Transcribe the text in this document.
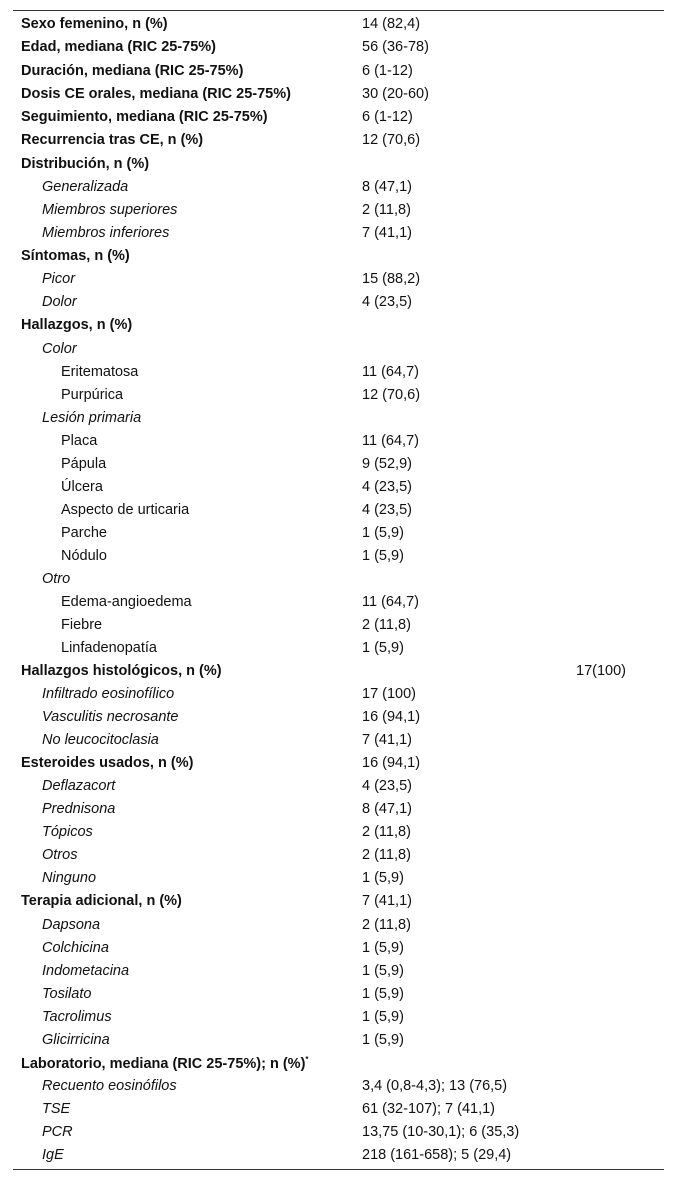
Sexo femenino, n (%)	14 (82,4)
Edad, mediana (RIC 25-75%)	56 (36-78)
Duración, mediana (RIC 25-75%)	6 (1-12)
Dosis CE orales, mediana (RIC 25-75%)	30 (20-60)
Seguimiento, mediana (RIC 25-75%)	6 (1-12)
Recurrencia tras CE, n (%)	12 (70,6)
Distribución, n (%)
Generalizada	8 (47,1)
Miembros superiores	2 (11,8)
Miembros inferiores	7 (41,1)
Síntomas, n (%)
Picor	15 (88,2)
Dolor	4 (23,5)
Hallazgos, n (%)
Color
Eritematosa	11 (64,7)
Purpúrica	12 (70,6)
Lesión primaria
Placa	11 (64,7)
Pápula	9 (52,9)
Úlcera	4 (23,5)
Aspecto de urticaria	4 (23,5)
Parche	1 (5,9)
Nódulo	1 (5,9)
Otro
Edema-angioedema	11 (64,7)
Fiebre	2 (11,8)
Linfadenopatía	1 (5,9)
Hallazgos histológicos, n (%)	17(100)
Infiltrado eosinofílico	17 (100)
Vasculitis necrosante	16 (94,1)
No leucocitoclasia	7 (41,1)
Esteroides usados, n (%)	16 (94,1)
Deflazacort	4 (23,5)
Prednisona	8 (47,1)
Tópicos	2 (11,8)
Otros	2 (11,8)
Ninguno	1 (5,9)
Terapia adicional, n (%)	7 (41,1)
Dapsona	2 (11,8)
Colchicina	1 (5,9)
Indometacina	1 (5,9)
Tosilato	1 (5,9)
Tacrolimus	1 (5,9)
Glicirricina	1 (5,9)
Laboratorio, mediana (RIC 25-75%); n (%)*
Recuento eosinófilos	3,4 (0,8-4,3); 13 (76,5)
TSE	61 (32-107); 7 (41,1)
PCR	13,75 (10-30,1); 6 (35,3)
IgE	218 (161-658); 5 (29,4)
